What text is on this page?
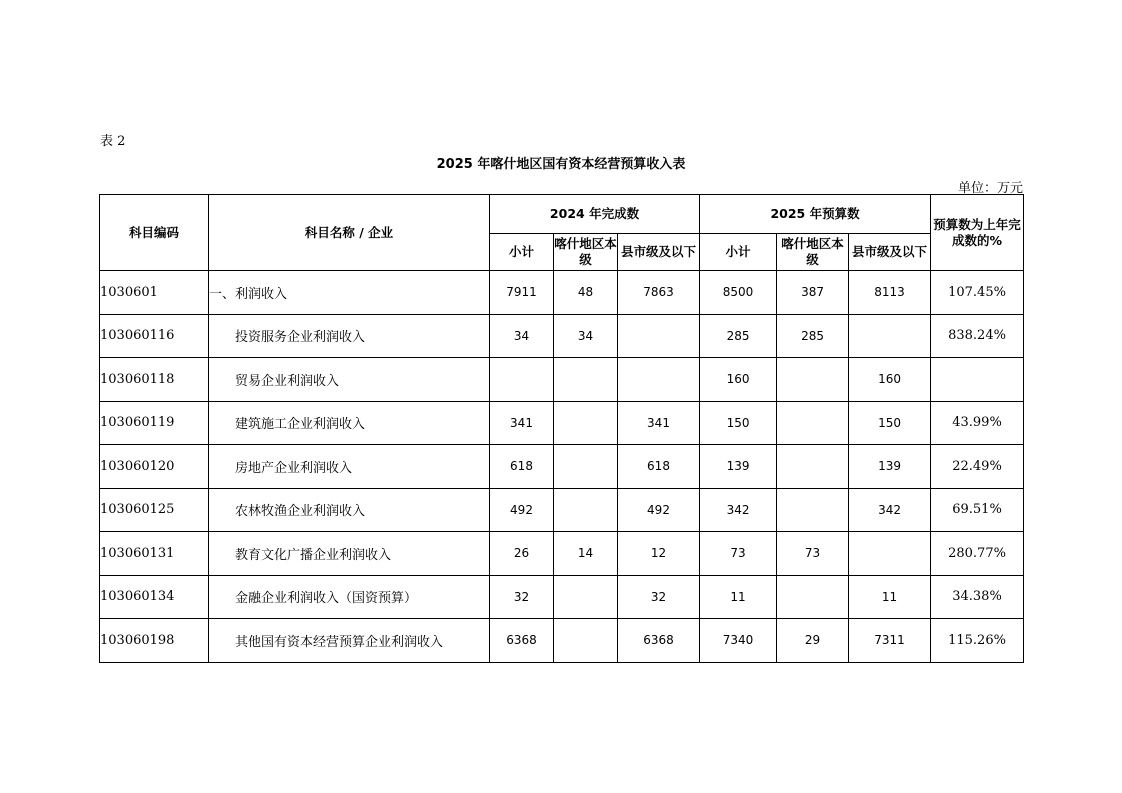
表 2
2025 年喀什地区国有资本经营预算收入表
单位：万元
科目编码	科目名称 / 企业	2024 年完成数			2025 年预算数			预算数为上年完成数的%
		小计	喀什地区本级	县市级及以下	小计	喀什地区本级	县市级及以下	
1030601	一、利润收入	7911	48	7863	8500	387	8113	107.45%
103060116	投资服务企业利润收入	34	34		285	285		838.24%
103060118	贸易企业利润收入				160		160	
103060119	建筑施工企业利润收入	341		341	150		150	43.99%
103060120	房地产企业利润收入	618		618	139		139	22.49%
103060125	农林牧渔企业利润收入	492		492	342		342	69.51%
103060131	教育文化广播企业利润收入	26	14	12	73	73		280.77%
103060134	金融企业利润收入（国资预算）	32		32	11		11	34.38%
103060198	其他国有资本经营预算企业利润收入	6368		6368	7340	29	7311	115.26%
